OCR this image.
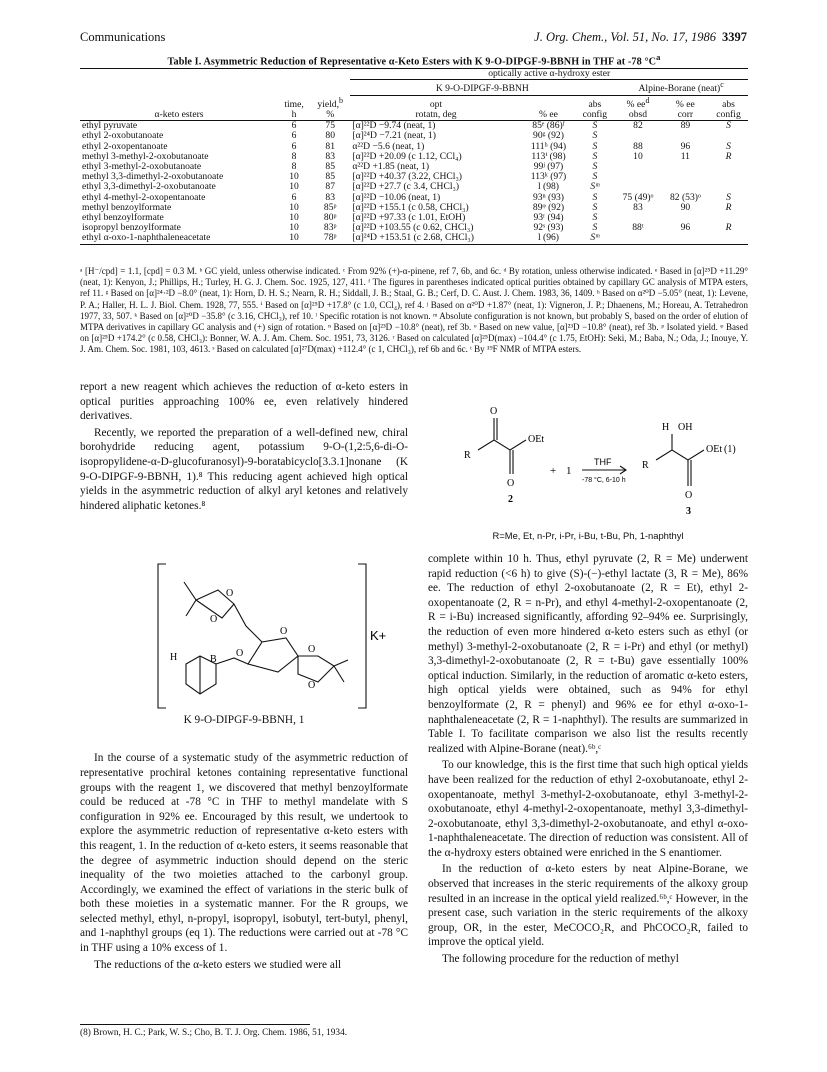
Communications	J. Org. Chem., Vol. 51, No. 17, 1986 3397
Table I. Asymmetric Reduction of Representative α-Keto Esters with K 9-O-DIPGF-9-BBNH in THF at -78 $^\circ C^a$
			optically active α-hydroxy ester					
			K 9-O-DIPGF-9-BBNH			Alpine-Borane (neat)$^c$
	time,	yield,$^b$	opt		abs	% $ee^d$	% ee	abs
α-keto esters	h	%	rotatn, deg	% ee	config	obsd	corr	config
ethyl pyruvate	6	75	[α]²²D −9.74 (neat, 1)	85ᵉ (86)ᶠ	S	82	89	S
ethyl 2-oxobutanoate	6	80	[α]²⁴D −7.21 (neat, 1)	90ᵍ (92)	S			
ethyl 2-oxopentanoate	6	81	α²²D −5.6 (neat, 1)	111ʰ (94)	S	88	96	S
methyl 3-methyl-2-oxobutanoate	8	83	[α]²²D +20.09 (c 1.12, CCl₄)	113ⁱ (98)	S	10	11	R
ethyl 3-methyl-2-oxobutanoate	8	85	α²²D +1.85 (neat, 1)	99ʲ (97)	S			
methyl 3,3-dimethyl-2-oxobutanoate	10	85	[α]²²D +40.37 (3.22, CHCl₃)	113ᵏ (97)	S			
ethyl 3,3-dimethyl-2-oxobutanoate	10	87	[α]²²D +27.7 (c 3.4, CHCl₃)	l (98)	Sᵐ			
ethyl 4-methyl-2-oxopentanoate	6	83	[α]²²D −10.06 (neat, 1)	93ⁿ (93)	S	75 (49)ᵒ	82 (53)ᵒ	S
methyl benzoylformate	10	85ᵖ	[α]²²D +155.1 (c 0.58, CHCl₃)	89ᵠ (92)	S	83	90	R
ethyl benzoylformate	10	80ᵖ	[α]²²D +97.33 (c 1.01, EtOH)	93ʳ (94)	S			
isopropyl benzoylformate	10	83ᵖ	[α]²²D +103.55 (c 0.62, CHCl₃)	92ˢ (93)	S	88ᵗ	96	R
ethyl α-oxo-1-naphthaleneacetate	10	78ᵖ	[α]²⁴D +153.51 (c 2.68, CHCl₃)	l (96)	Sᵐ			
ᵃ [H⁻/cpd] = 1.1, [cpd] = 0.3 M. ᵇ GC yield, unless otherwise indicated. ᶜ From 92% (+)-α-pinene, ref 7, 6b, and 6c. ᵈ By rotation, unless otherwise indicated. ᵉ Based in [α]²⁵D +11.29° (neat, 1): Kenyon, J.; Phillips, H.; Turley, H. G. J. Chem. Soc. 1925, 127, 411. ᶠ The figures in parentheses indicated optical purities obtained by capillary GC analysis of MTPA esters, ref 11. ᵍ Based on [α]²⁴·²D −8.0° (neat, 1): Horn, D. H. S.; Nearn, R. H.; Siddall, J. B.; Staal, G. B.; Cerf, D. C. Aust. J. Chem. 1983, 36, 1409. ʰ Based on α²⁰D −5.05° (neat, 1): Levene, P. A.; Haller, H. L. J. Biol. Chem. 1928, 77, 555. ⁱ Based on [α]²⁵D +17.8° (c 1.0, CCl₄), ref 4. ʲ Based on α²⁰D +1.87° (neat, 1): Vigneron, J. P.; Dhaenens, M.; Horeau, A. Tetrahedron 1977, 33, 507. ᵏ Based on [α]²⁰D −35.8° (c 3.16, CHCl₃), ref 10. ˡ Specific rotation is not known. ᵐ Absolute configuration is not known, but probably S, based on the order of elution of MTPA derivatives in capillary GC analysis and (+) sign of rotation. ⁿ Based on [α]²³D −10.8° (neat), ref 3b. ᵒ Based on new value, [α]²³D −10.8° (neat), ref 3b. ᵖ Isolated yield. ᵠ Based on [α]²⁵D +174.2° (c 0.58, CHCl₃): Bonner, W. A. J. Am. Chem. Soc. 1951, 73, 3126. ʳ Based on calculated [α]²⁵D(max) −104.4° (c 1.75, EtOH): Seki, M.; Baba, N.; Oda, J.; Inouye, Y. J. Am. Chem. Soc. 1981, 103, 4613. ˢ Based on calculated [α]²⁷D(max) +112.4° (c 1, CHCl₃), ref 6b and 6c. ᵗ By ¹⁹F NMR of MTPA esters.

report a new reagent which achieves the reduction of α-keto esters in optical purities approaching 100% ee, even relatively hindered derivatives.

Recently, we reported the preparation of a well-defined new, chiral borohydride reducing agent, potassium 9-O-(1,2:5,6-di-O-isopropylidene-α-D-glucofuranosyl)-9-boratabicyclo[3.3.1]nonane (K 9-O-DIPGF-9-BBNH, 1).⁸ This reducing agent achieved high optical yields in the asymmetric reduction of alkyl aryl ketones and relatively hindered aliphatic ketones.⁸

In the course of a systematic study of the asymmetric reduction of representative prochiral ketones containing representative functional groups with the reagent 1, we discovered that methyl benzoylformate could be reduced at -78 °C in THF to methyl mandelate with S configuration in 92% ee. Encouraged by this result, we undertook to explore the asymmetric reduction of representative α-keto esters with this reagent, 1. In the reduction of α-keto esters, it seems reasonable that the degree of asymmetric induction should depend on the steric inequality of the two moieties attached to the carbonyl group. Accordingly, we examined the effect of variations in the steric bulk of both these moieties in a systematic manner. For the R groups, we selected methyl, ethyl, n-propyl, isopropyl, isobutyl, tert-butyl, phenyl, and 1-naphthyl groups (eq 1). The reductions were carried out at -78 °C in THF using a 10% excess of 1.

The reductions of the α-keto esters we studied were all

O
O
O
O
O
O
B
H
K+
K 9-O-DIPGF-9-BBNH, 1
O
OEt
R
O
2
+ 1
THF
-78 °C, 6-10 h
H OH
OEt
R
O
3
(1)
R=Me, Et, n-Pr, i-Pr, i-Bu, t-Bu, Ph, 1-naphthyl

complete within 10 h. Thus, ethyl pyruvate (2, R = Me) underwent rapid reduction (<6 h) to give (S)-(−)-ethyl lactate (3, R = Me), 86% ee. The reduction of ethyl 2-oxobutanoate (2, R = Et), ethyl 2-oxopentanoate (2, R = n-Pr), and ethyl 4-methyl-2-oxopentanoate (2, R = i-Bu) increased significantly, affording 92–94% ee. Surprisingly, the reduction of even more hindered α-keto esters such as ethyl (or methyl) 3-methyl-2-oxobutanoate (2, R = i-Pr) and ethyl (or methyl) 3,3-dimethyl-2-oxobutanoate (2, R = t-Bu) gave essentially 100% optical induction. Similarly, in the reduction of aromatic α-keto esters, high optical yields were obtained, such as 94% for ethyl benzoylformate (2, R = phenyl) and 96% ee for ethyl α-oxo-1-naphthaleneacetate (2, R = 1-naphthyl). The results are summarized in Table I. To facilitate comparison we also list the results recently realized with Alpine-Borane (neat).⁶ᵇ,ᶜ

To our knowledge, this is the first time that such high optical yields have been realized for the reduction of ethyl 2-oxobutanoate, ethyl 2-oxopentanoate, methyl 3-methyl-2-oxobutanoate, ethyl 3-methyl-2-oxobutanoate, ethyl 4-methyl-2-oxopentanoate, methyl 3,3-dimethyl-2-oxobutanoate, ethyl 3,3-dimethyl-2-oxobutanoate, and ethyl α-oxo-1-naphthaleneacetate. The direction of reduction was consistent. All of the α-hydroxy esters obtained were enriched in the S enantiomer.

In the reduction of α-keto esters by neat Alpine-Borane, we observed that increases in the steric requirements of the alkoxy group resulted in an increase in the optical yield realized.⁶ᵇ,ᶜ However, in the present case, such variation in the steric requirements of the alkoxy group, OR, in the ester, MeCOCO₂R, and PhCOCO₂R, failed to improve the optical yield.

The following procedure for the reduction of methyl

(8) Brown, H. C.; Park, W. S.; Cho, B. T. J. Org. Chem. 1986, 51, 1934.
